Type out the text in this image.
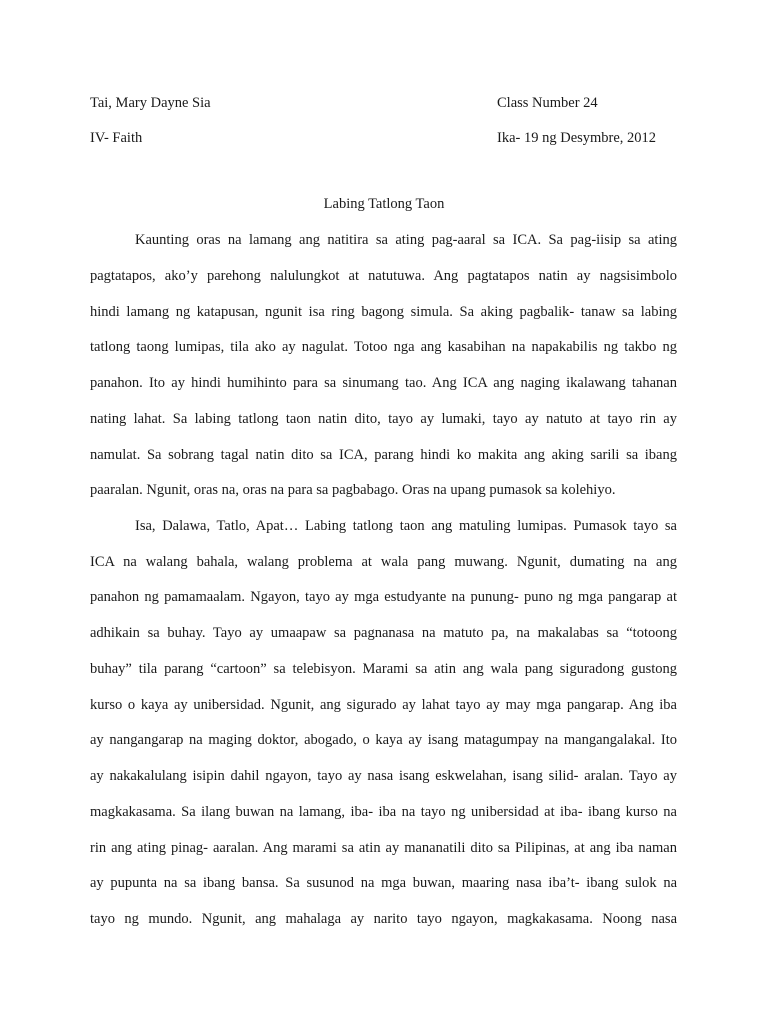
Tai, Mary Dayne Sia
IV- Faith
Class Number 24
Ika- 19 ng Desymbre, 2012
Labing Tatlong Taon
Kaunting oras na lamang ang natitira sa ating pag-aaral sa ICA. Sa pag-iisip sa ating
pagtatapos, ako’y parehong nalulungkot at natutuwa. Ang pagtatapos natin ay nagsisimbolo
hindi lamang ng katapusan, ngunit isa ring bagong simula. Sa aking pagbalik- tanaw sa labing
tatlong taong lumipas, tila ako ay nagulat. Totoo nga ang kasabihan na napakabilis ng takbo ng
panahon. Ito ay hindi humihinto para sa sinumang tao. Ang ICA ang naging ikalawang tahanan
nating lahat. Sa labing tatlong taon natin dito, tayo ay lumaki, tayo ay natuto at tayo rin ay
namulat. Sa sobrang tagal natin dito sa ICA, parang hindi ko makita ang aking sarili sa ibang
paaralan. Ngunit, oras na, oras na para sa pagbabago. Oras na upang pumasok sa kolehiyo.
Isa, Dalawa, Tatlo, Apat… Labing tatlong taon ang matuling lumipas. Pumasok tayo sa
ICA na walang bahala, walang problema at wala pang muwang. Ngunit, dumating na ang
panahon ng pamamaalam. Ngayon, tayo ay mga estudyante na punung- puno ng mga pangarap at
adhikain sa buhay. Tayo ay umaapaw sa pagnanasa na matuto pa, na makalabas sa “totoong
buhay” tila parang “cartoon” sa telebisyon. Marami sa atin ang wala pang siguradong gustong
kurso o kaya ay unibersidad. Ngunit, ang sigurado ay lahat tayo ay may mga pangarap. Ang iba
ay nangangarap na maging doktor, abogado, o kaya ay isang matagumpay na mangangalakal. Ito
ay nakakalulang isipin dahil ngayon, tayo ay nasa isang eskwelahan, isang silid- aralan. Tayo ay
magkakasama. Sa ilang buwan na lamang, iba- iba na tayo ng unibersidad at iba- ibang kurso na
rin ang ating pinag- aaralan. Ang marami sa atin ay mananatili dito sa Pilipinas, at ang iba naman
ay pupunta na sa ibang bansa. Sa susunod na mga buwan, maaring nasa iba’t- ibang sulok na
tayo ng mundo. Ngunit, ang mahalaga ay narito tayo ngayon, magkakasama. Noong nasa
